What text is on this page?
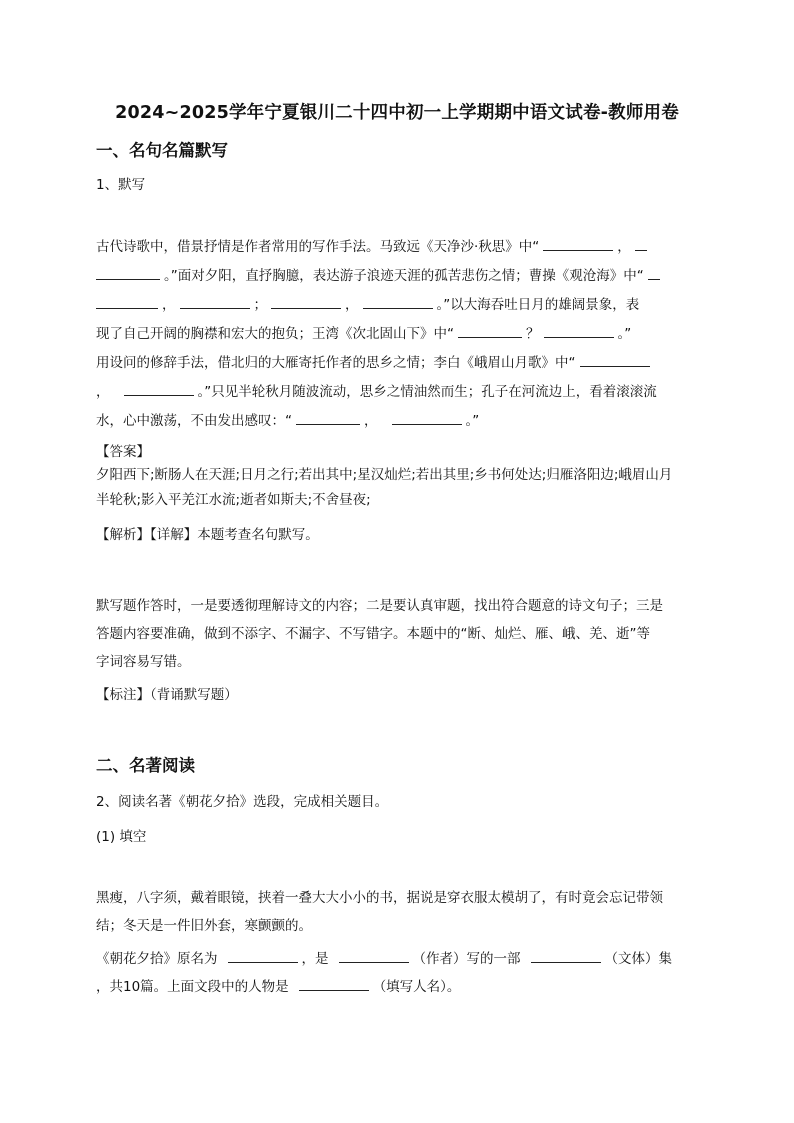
2024~2025学年宁夏银川二十四中初一上学期期中语文试卷-教师用卷
一、名句名篇默写
1、默写
古代诗歌中，借景抒情是作者常用的写作手法。马致远《天净沙·秋思》中“	，
。”面对夕阳，直抒胸臆，表达游子浪迹天涯的孤苦悲伤之情；曹操《观沧海》中“
，	；	，	。”以大海吞吐日月的雄阔景象，表
现了自己开阔的胸襟和宏大的抱负；王湾《次北固山下》中“	？	。”
用设问的修辞手法，借北归的大雁寄托作者的思乡之情；李白《峨眉山月歌》中“
，	。”只见半轮秋月随波流动，思乡之情油然而生；孔子在河流边上，看着滚滚流
水，心中激荡，不由发出感叹：“	，	。”
【答案】
夕阳西下;断肠人在天涯;日月之行;若出其中;星汉灿烂;若出其里;乡书何处达;归雁洛阳边;峨眉山月
半轮秋;影入平羌江水流;逝者如斯夫;不舍昼夜;
【解析】【详解】本题考查名句默写。
默写题作答时，一是要透彻理解诗文的内容；二是要认真审题，找出符合题意的诗文句子；三是
答题内容要准确，做到不添字、不漏字、不写错字。本题中的“断、灿烂、雁、峨、羌、逝”等
字词容易写错。
【标注】（背诵默写题）
二、名著阅读
2、阅读名著《朝花夕拾》选段，完成相关题目。
(1) 填空
黑瘦，八字须，戴着眼镜，挟着一叠大大小小的书，据说是穿衣服太模胡了，有时竟会忘记带领
结；冬天是一件旧外套，寒颤颤的。
《朝花夕拾》原名为	，是	（作者）写的一部	（文体）集
，共10篇。上面文段中的人物是	（填写人名）。
